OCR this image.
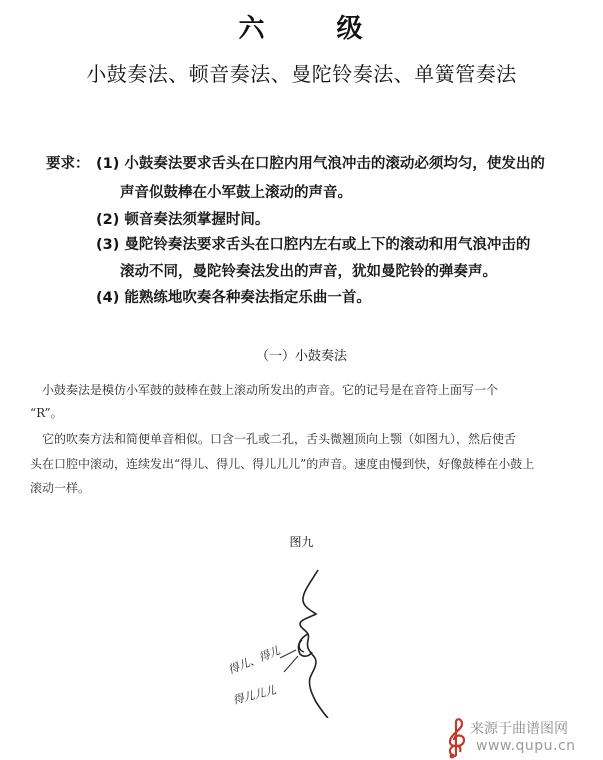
六	级
小鼓奏法、顿音奏法、曼陀铃奏法、单簧管奏法
要求： (1) 小鼓奏法要求舌头在口腔内用气浪冲击的滚动必须均匀，使发出的
声音似鼓棒在小军鼓上滚动的声音。
(2) 顿音奏法须掌握时间。
(3) 曼陀铃奏法要求舌头在口腔内左右或上下的滚动和用气浪冲击的
滚动不同，曼陀铃奏法发出的声音，犹如曼陀铃的弹奏声。
(4) 能熟练地吹奏各种奏法指定乐曲一首。
（一）小鼓奏法
小鼓奏法是模仿小军鼓的鼓棒在鼓上滚动所发出的声音。它的记号是在音符上面写一个
“R”。
它的吹奏方法和简便单音相似。口含一孔或二孔，舌头微翘顶向上颚（如图九），然后使舌
头在口腔中滚动，连续发出“得儿、得儿、得儿儿儿”的声音。速度由慢到快，好像鼓棒在小鼓上
滚动一样。
图九
得儿、得儿
得儿儿儿
来源于曲谱图网
www.qupu.cn
